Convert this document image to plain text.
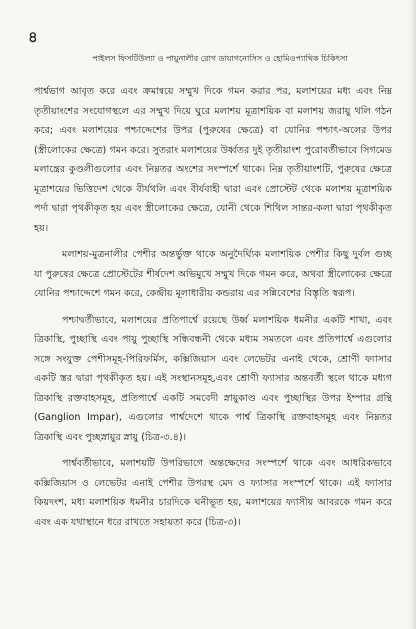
৪
পাইলস ফিসটিউল্যা ও পায়ুনালীর রোগ ডায়াগনোসিস ও হোমিওপ্যাথিক চিকিৎসা

পার্শ্বভাগ আবৃত করে এবং ক্রমান্বয়ে সম্মুখ দিকে গমন করার পর, মলাশয়ের মধ্য এবং নিম্ন তৃতীয়াংশের সংযোগস্থলে এর সম্মুখ দিয়ে ঘুরে মলাশয় মূত্রাশয়িক বা মলাশয় জরায়ু থলি গঠন করে; এবং মলাশয়ের পশ্চাদ্দেশের উপর (পুরুষের ক্ষেত্রে) বা যোনির পশ্চাৎ-অলের উপর (স্ত্রীলোকের ক্ষেত্রে) গমন করে। সুতরাং মলাশয়ের উর্ধ্বতর দুই তৃতীয়াংশ পুরোবর্তীভাবে সিগমেড মলান্ত্রের কুণ্ডলীগুলোর এবং নিম্নতর অংশের সংস্পর্শে থাকে। নিম্ন তৃতীয়াংশটি, পুরুষের ক্ষেত্রে মূত্রাশয়ের ভিত্তিদেশ থেকে বীর্যথলি এবং বীর্যবাহী দ্বারা এবং প্রোস্টেট থেকে মলাশয় মূত্রাশয়িক পর্দা দ্বারা পৃথকীকৃত হয় এবং স্ত্রীলোকের ক্ষেত্রে, যোনী থেকে শিথিল সান্তর-কলা দ্বারা পৃথকীকৃত হয়।

মলাশয়-মুত্রনালীর পেশীর অন্তর্ভুক্ত থাকে অনুদৈর্ঘ্যিক মলাশয়িক পেশীর কিছু দুর্বল গুচ্ছ যা পুরুষের ক্ষেত্রে প্রোস্টেটের শীর্ষদেশ অভিমুখে সম্মুখ দিকে গমন করে, অথবা স্ত্রীলোকের ক্ষেত্রে যোনির পশ্চাদ্দেশে গমন করে, কেন্দ্রীয় মূলাধারীয় কন্ডরায় এর সন্নিবেশের বিস্তৃতি স্বরূপ।

পশ্চাদ্বর্তীভাবে, মলাশয়ের প্রতিপার্শ্বে রয়েছে উর্ধ্ব মলাশয়িক ধমনীর একটি শাখা, এবং ত্রিকাস্থি, পুচ্ছাস্থি এবং পায়ু পুচ্ছাস্থি সন্ধিবন্ধনী থেকে মধ্যম সমতলে এবং প্রতিপার্শ্বে এগুলোর সঙ্গে সংযুক্ত পেশীসমূহ-পিরিফর্মিস, কক্সিজিয়াস এবং লেভেটর এনাই থেকে, শ্রোণী ফ্যাসার একটি স্তর দ্বারা পৃথকীকৃত হয়। এই সংস্থানসমূহ,এবং শ্রোণী ফ্যাসার অন্তবর্তী স্থলে থাকে মধ্যগ ত্রিকাস্থি রক্তবাহসমূহ, প্রতিপার্শ্বে একটি সমবেদী স্নায়ুকাণ্ড এবং পুচ্ছাস্থির উপর ইম্পার গ্রন্থি (Ganglion Impar), এগুলোর পার্শ্বদেশে থাকে পার্শ্ব ত্রিকাস্থি রক্তবাহসমূহ এবং নিম্নতর ত্রিকাস্থি এবং পুচ্ছস্নায়ুর স্নায়ু (চিত্র-৩.৪)।

পার্শ্ববর্তীভাবে, মলাশয়টি উপরিভাগে অন্তক্ষেদের সংস্পর্শে থাকে এবং আধরিকভাবে কক্সিজিয়াস ও লেভেটর এনাই পেশীর উপরস্থ মেদ ও ফ্যাসার সংস্পর্শে থাকে। এই ফ্যাসার কিয়দংশ, মধ্য মলাশয়িক ধমনীর চারদিকে ঘনীভূত হয়, মলাশয়ের ফ্যাসীয় আবরকে গমন করে এবং এক যথাস্থানে ধরে রাখতে সহায়তা করে (চিত্র-৩)।
